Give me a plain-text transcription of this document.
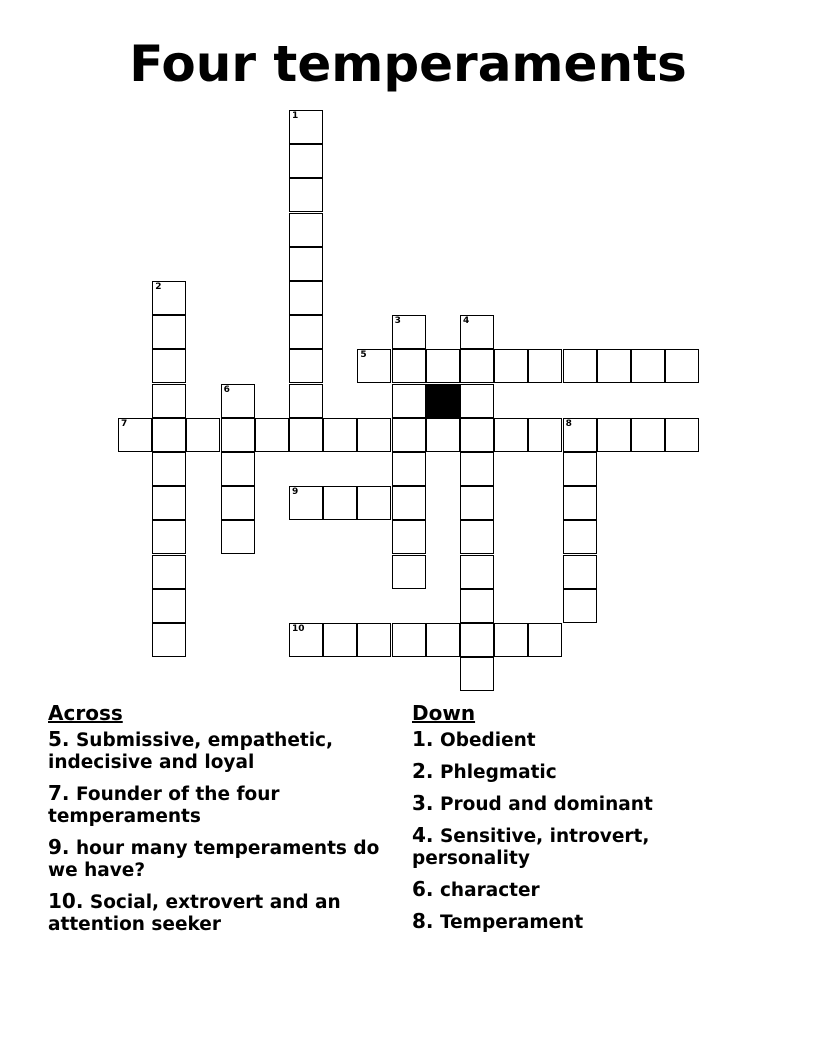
Four temperaments
1
2
3	4
5
6
7	8
9
10
Across
5. Submissive, empathetic, indecisive and loyal
7. Founder of the four temperaments
9. hour many temperaments do we have?
10. Social, extrovert and an attention seeker
Down
1. Obedient
2. Phlegmatic
3. Proud and dominant
4. Sensitive, introvert, personality
6. character
8. Temperament
